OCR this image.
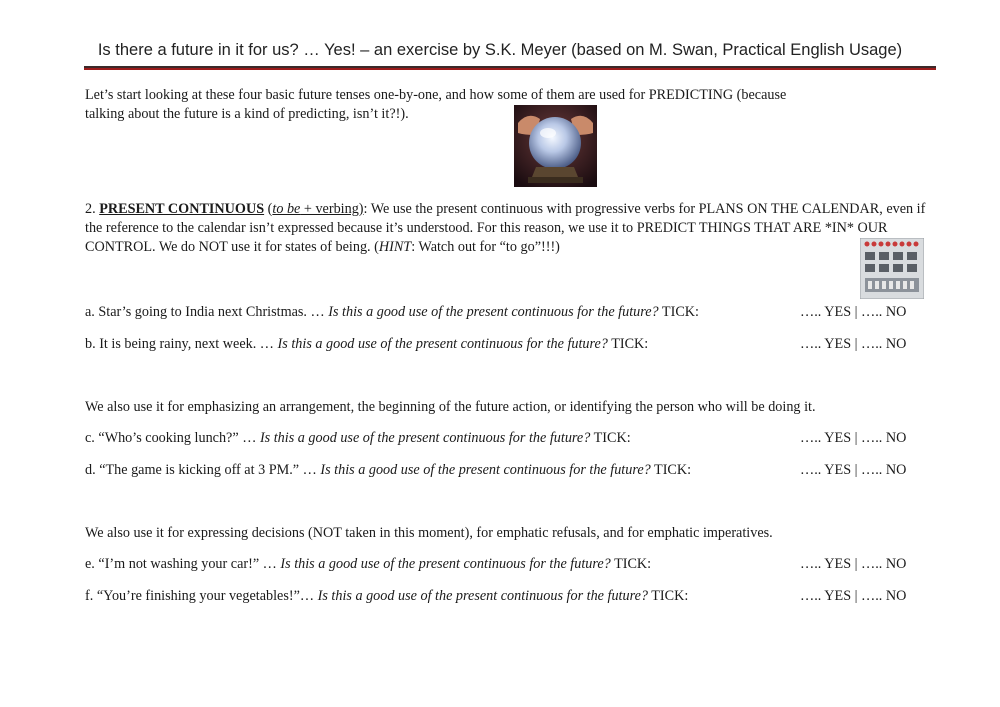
Is there a future in it for us? … Yes! – an exercise by S.K. Meyer (based on M. Swan, Practical English Usage)
Let’s start looking at these four basic future tenses one-by-one, and how some of them are used for PREDICTING (because
talking about the future is a kind of predicting, isn’t it?!).
2. PRESENT CONTINUOUS (to be + verbing): We use the present continuous with progressive verbs for PLANS ON THE CALENDAR, even if the reference to the calendar isn’t expressed because it’s understood. For this reason, we use it to PREDICT THINGS THAT ARE *IN* OUR CONTROL. We do NOT use it for states of being. (HINT: Watch out for “to go”!!!)
a. Star’s going to India next Christmas. … Is this a good use of the present continuous for the future? TICK:	….. YES | ….. NO
b. It is being rainy, next week. … Is this a good use of the present continuous for the future? TICK:	….. YES | ….. NO
We also use it for emphasizing an arrangement, the beginning of the future action, or identifying the person who will be doing it.
c. “Who’s cooking lunch?” … Is this a good use of the present continuous for the future? TICK:	….. YES | ….. NO
d. “The game is kicking off at 3 PM.” … Is this a good use of the present continuous for the future? TICK:	….. YES | ….. NO
We also use it for expressing decisions (NOT taken in this moment), for emphatic refusals, and for emphatic imperatives.
e. “I’m not washing your car!” … Is this a good use of the present continuous for the future? TICK:	….. YES | ….. NO
f. “You’re finishing your vegetables!”… Is this a good use of the present continuous for the future? TICK:	….. YES | ….. NO
